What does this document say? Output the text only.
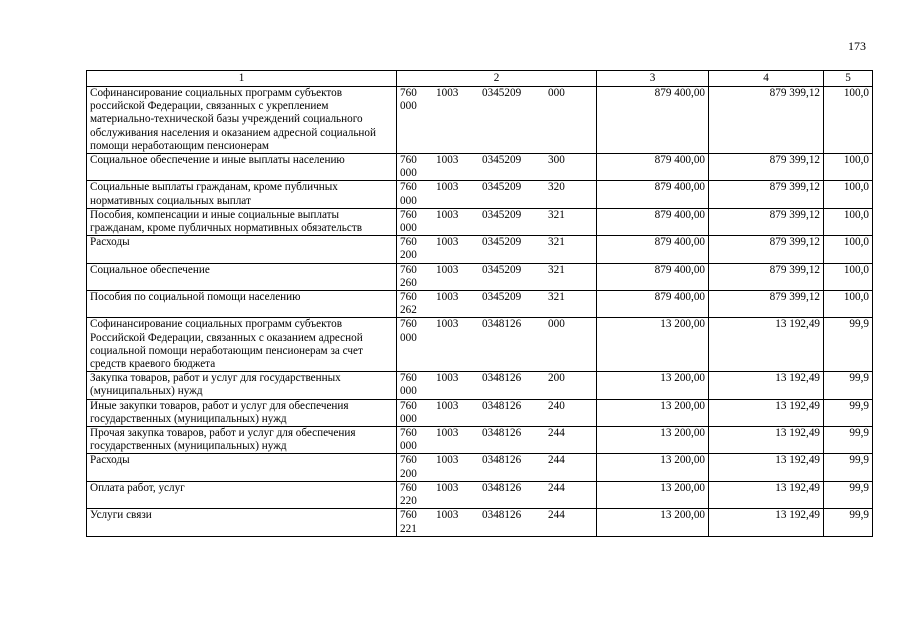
173
1	2	3	4	5
Софинансирование социальных программ субъектов российской Федерации, связанных с укреплением материально-технической базы учреждений социального обслуживания населения и оказанием адресной социальной помощи неработающим пенсионерам	760 1003 0345209 000000	879 400,00	879 399,12	100,0
Социальное обеспечение и иные выплаты населению	760 1003 0345209 300000	879 400,00	879 399,12	100,0
Социальные выплаты гражданам, кроме публичных нормативных социальных выплат	760 1003 0345209 320000	879 400,00	879 399,12	100,0
Пособия, компенсации и иные социальные выплаты гражданам, кроме публичных нормативных обязательств	760 1003 0345209 321000	879 400,00	879 399,12	100,0
Расходы	760 1003 0345209 321200	879 400,00	879 399,12	100,0
Социальное обеспечение	760 1003 0345209 321260	879 400,00	879 399,12	100,0
Пособия по социальной помощи населению	760 1003 0345209 321262	879 400,00	879 399,12	100,0
Софинансирование социальных программ субъектов Российской Федерации, связанных с оказанием адресной социальной помощи неработающим пенсионерам за счет средств краевого бюджета	760 1003 0348126 000000	13 200,00	13 192,49	99,9
Закупка товаров, работ и услуг для государственных (муниципальных) нужд	760 1003 0348126 200000	13 200,00	13 192,49	99,9
Иные закупки товаров, работ и услуг для обеспечения государственных (муниципальных) нужд	760 1003 0348126 240000	13 200,00	13 192,49	99,9
Прочая закупка товаров, работ и услуг для обеспечения государственных (муниципальных) нужд	760 1003 0348126 244000	13 200,00	13 192,49	99,9
Расходы	760 1003 0348126 244200	13 200,00	13 192,49	99,9
Оплата работ, услуг	760 1003 0348126 244220	13 200,00	13 192,49	99,9
Услуги связи	760 1003 0348126 244221	13 200,00	13 192,49	99,9
